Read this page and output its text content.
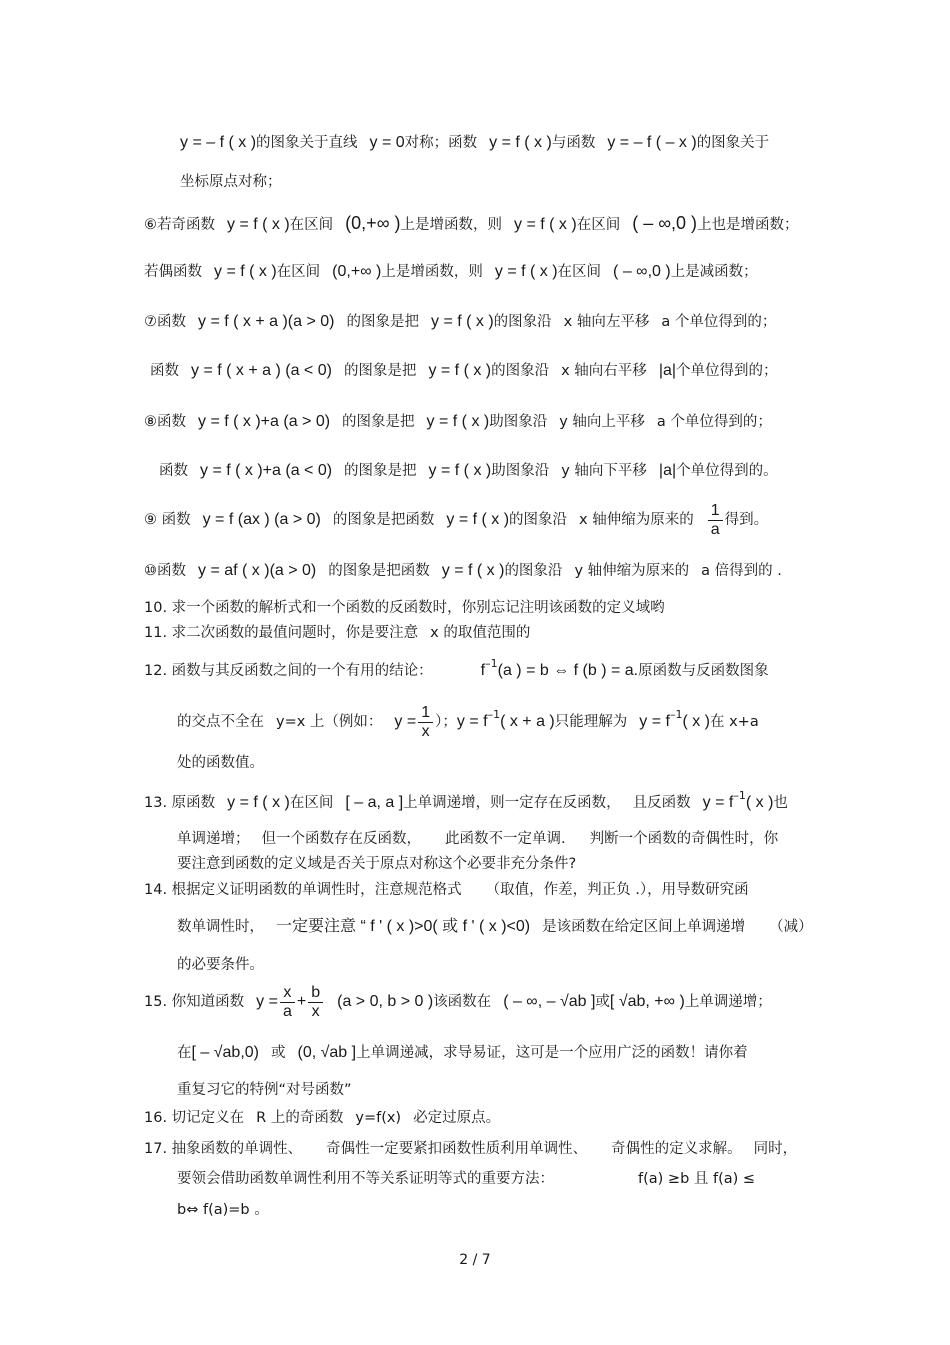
y = – f ( x )的图象关于直线 y = 0对称；函数 y = f ( x )与函数 y = – f ( – x )的图象关于
坐标原点对称；
⑥若奇函数 y = f ( x )在区间 (0,+∞ )上是增函数，则 y = f ( x )在区间 ( – ∞,0 )上也是增函数；
若偶函数 y = f ( x )在区间 (0,+∞ )上是增函数，则 y = f ( x )在区间 ( – ∞,0 )上是减函数；
⑦函数 y = f ( x + a )(a > 0) 的图象是把 y = f ( x )的图象沿 x 轴向左平移 a 个单位得到的；
函数 y = f ( x + a ) (a < 0) 的图象是把 y = f ( x )的图象沿 x 轴向右平移 |a|个单位得到的；
⑧函数 y = f ( x )+a (a > 0) 的图象是把 y = f ( x )助图象沿 y 轴向上平移 a 个单位得到的；
函数 y = f ( x )+a (a < 0) 的图象是把 y = f ( x )助图象沿 y 轴向下平移 |a|个单位得到的。
⑨ 函数 y = f (ax ) (a > 0) 的图象是把函数 y = f ( x )的图象沿 x 轴伸缩为原来的 $\frac{1}{a}$ 得到。
⑩函数 y = af ( x )(a > 0) 的图象是把函数 y = f ( x )的图象沿 y 轴伸缩为原来的 a 倍得到的 .
10. 求一个函数的解析式和一个函数的反函数时，你别忘记注明该函数的定义域哟
11. 求二次函数的最值问题时，你是要注意 x 的取值范围的
12. 函数与其反函数之间的一个有用的结论：	$f^{-1}(a$ ) = b ⇔ f (b ) = a.原函数与反函数图象
的交点不全在 y=x 上（例如： $y = \frac{1}{x}$ ）；$y = f^{-1}$( x + a )只能理解为 $y = f^{-1}$( x )在 x+a
处的函数值。
13. 原函数 y = f ( x )在区间 [ – a, a ]上单调递增，则一定存在反函数， 且反函数 $y = f^{-1}$( x )也
单调递增； 但一个函数存在反函数， 此函数不一定单调. 判断一个函数的奇偶性时，你
要注意到函数的定义域是否关于原点对称这个必要非充分条件?
14. 根据定义证明函数的单调性时，注意规范格式 （取值，作差，判正负 .），用导数研究函
数单调性时， 一定要注意 “ f ' ( x )>0( 或 f ' ( x )<0) 是该函数在给定区间上单调递增 （减）
的必要条件。
15. 你知道函数 $y = \frac{x}{a} + \frac{b}{x} (a > 0$, b > 0 )该函数在 ( – ∞, – √ab ]或[ √ab, +∞ )上单调递增；
在[ – √ab,0) 或 (0, √ab ]上单调递减，求导易证，这可是一个应用广泛的函数！请你着
重复习它的特例“对号函数”
16. 切记定义在 R 上的奇函数 y=f(x) 必定过原点。
17. 抽象函数的单调性、 奇偶性一定要紧扣函数性质利用单调性、 奇偶性的定义求解。 同时，
要领会借助函数单调性利用不等关系证明等式的重要方法：	f(a) ≥b 且 f(a) ≤
b⇔ f(a)=b 。
2 / 7
